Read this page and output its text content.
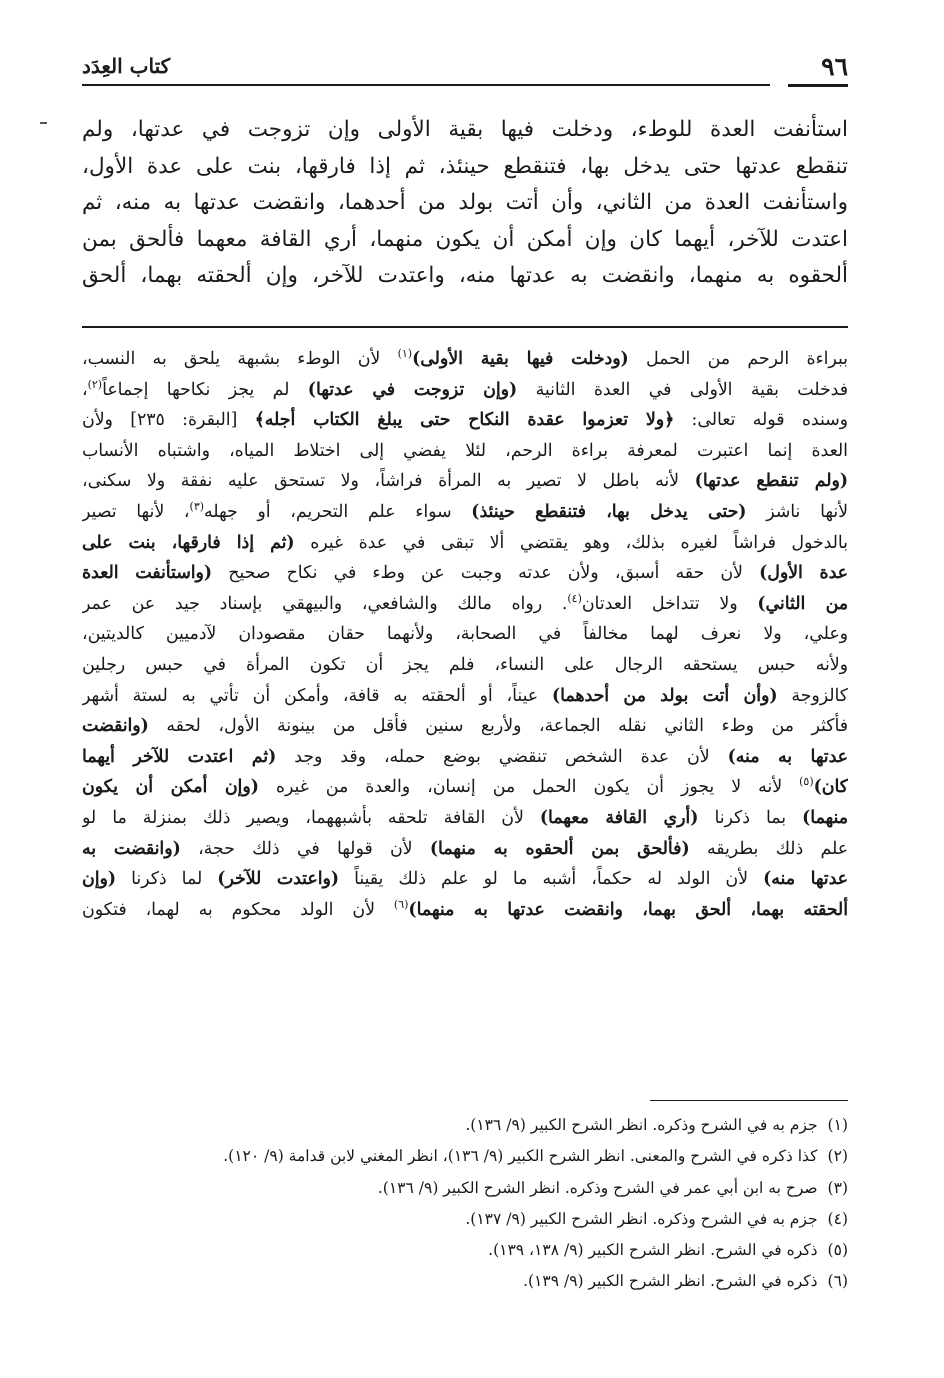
٩٦
كتاب العِدَد

استأنفت العدة للوطء، ودخلت فيها بقية الأولى وإن تزوجت في عدتها، ولم

تنقطع عدتها حتى يدخل بها، فتنقطع حينئذ، ثم إذا فارقها، بنت على عدة الأول،

واستأنفت العدة من الثاني، وأن أتت بولد من أحدهما، وانقضت عدتها به منه، ثم

اعتدت للآخر، أيهما كان وإن أمكن أن يكون منهما، أري القافة معهما فألحق بمن

ألحقوه به منهما، وانقضت به عدتها منه، واعتدت للآخر، وإن ألحقته بهما، ألحق

ببراءة الرحم من الحمل (ودخلت فيها بقية الأولى)$^{(١)}$ لأن الوطء بشبهة يلحق به النسب،
فدخلت بقية الأولى في العدة الثانية (وإن تزوجت في عدتها) لم يجز نكاحها إجماعاً$^{(٢)}$،
وسنده قوله تعالى: ﴿ولا تعزموا عقدة النكاح حتى يبلغ الكتاب أجله﴾ [البقرة: ٢٣٥] ولأن
العدة إنما اعتبرت لمعرفة براءة الرحم، لئلا يفضي إلى اختلاط المياه، واشتباه الأنساب
(ولم تنقطع عدتها) لأنه باطل لا تصير به المرأة فراشاً، ولا تستحق عليه نفقة ولا سكنى،
لأنها ناشز (حتى يدخل بها، فتنقطع حينئذ) سواء علم التحريم، أو جهله$^{(٣)}$، لأنها تصير
بالدخول فراشاً لغيره بذلك، وهو يقتضي ألا تبقى في عدة غيره (ثم إذا فارقها، بنت على
عدة الأول) لأن حقه أسبق، ولأن عدته وجبت عن وطء في نكاح صحيح (واستأنفت العدة
من الثاني) ولا تتداخل العدتان$^{(٤)}$. رواه مالك والشافعي، والبيهقي بإسناد جيد عن عمر
وعلي، ولا نعرف لهما مخالفاً في الصحابة، ولأنهما حقان مقصودان لآدميين كالديتين،
ولأنه حبس يستحقه الرجال على النساء، فلم يجز أن تكون المرأة في حبس رجلين
كالزوجة (وأن أتت بولد من أحدهما) عيناً، أو ألحقته به قافة، وأمكن أن تأتي به لستة أشهر
فأكثر من وطء الثاني نقله الجماعة، ولأربع سنين فأقل من بينونة الأول، لحقه (وانقضت
عدتها به منه) لأن عدة الشخص تنقضي بوضع حمله، وقد وجد (ثم اعتدت للآخر أيهما
كان)$^{(٥)}$ لأنه لا يجوز أن يكون الحمل من إنسان، والعدة من غيره (وإن أمكن أن يكون
منهما) بما ذكرنا (أري القافة معهما) لأن القافة تلحقه بأشبههما، ويصير ذلك بمنزلة ما لو
علم ذلك بطريقه (فألحق بمن ألحقوه به منهما) لأن قولها في ذلك حجة، (وانقضت به
عدتها منه) لأن الولد له حكماً، أشبه ما لو علم ذلك يقيناً (واعتدت للآخر) لما ذكرنا (وإن
ألحقته بهما، ألحق بهما، وانقضت عدتها به منهما)$^{(٦)}$ لأن الولد محكوم به لهما، فتكون
(١)جزم به في الشرح وذكره. انظر الشرح الكبير (٩/ ١٣٦).
(٢)كذا ذكره في الشرح والمعنى. انظر الشرح الكبير (٩/ ١٣٦)، انظر المغني لابن قدامة (٩/ ١٢٠).
(٣)صرح به ابن أبي عمر في الشرح وذكره. انظر الشرح الكبير (٩/ ١٣٦).
(٤)جزم به في الشرح وذكره. انظر الشرح الكبير (٩/ ١٣٧).
(٥)ذكره في الشرح. انظر الشرح الكبير (٩/ ١٣٨، ١٣٩).
(٦)ذكره في الشرح. انظر الشرح الكبير (٩/ ١٣٩).
